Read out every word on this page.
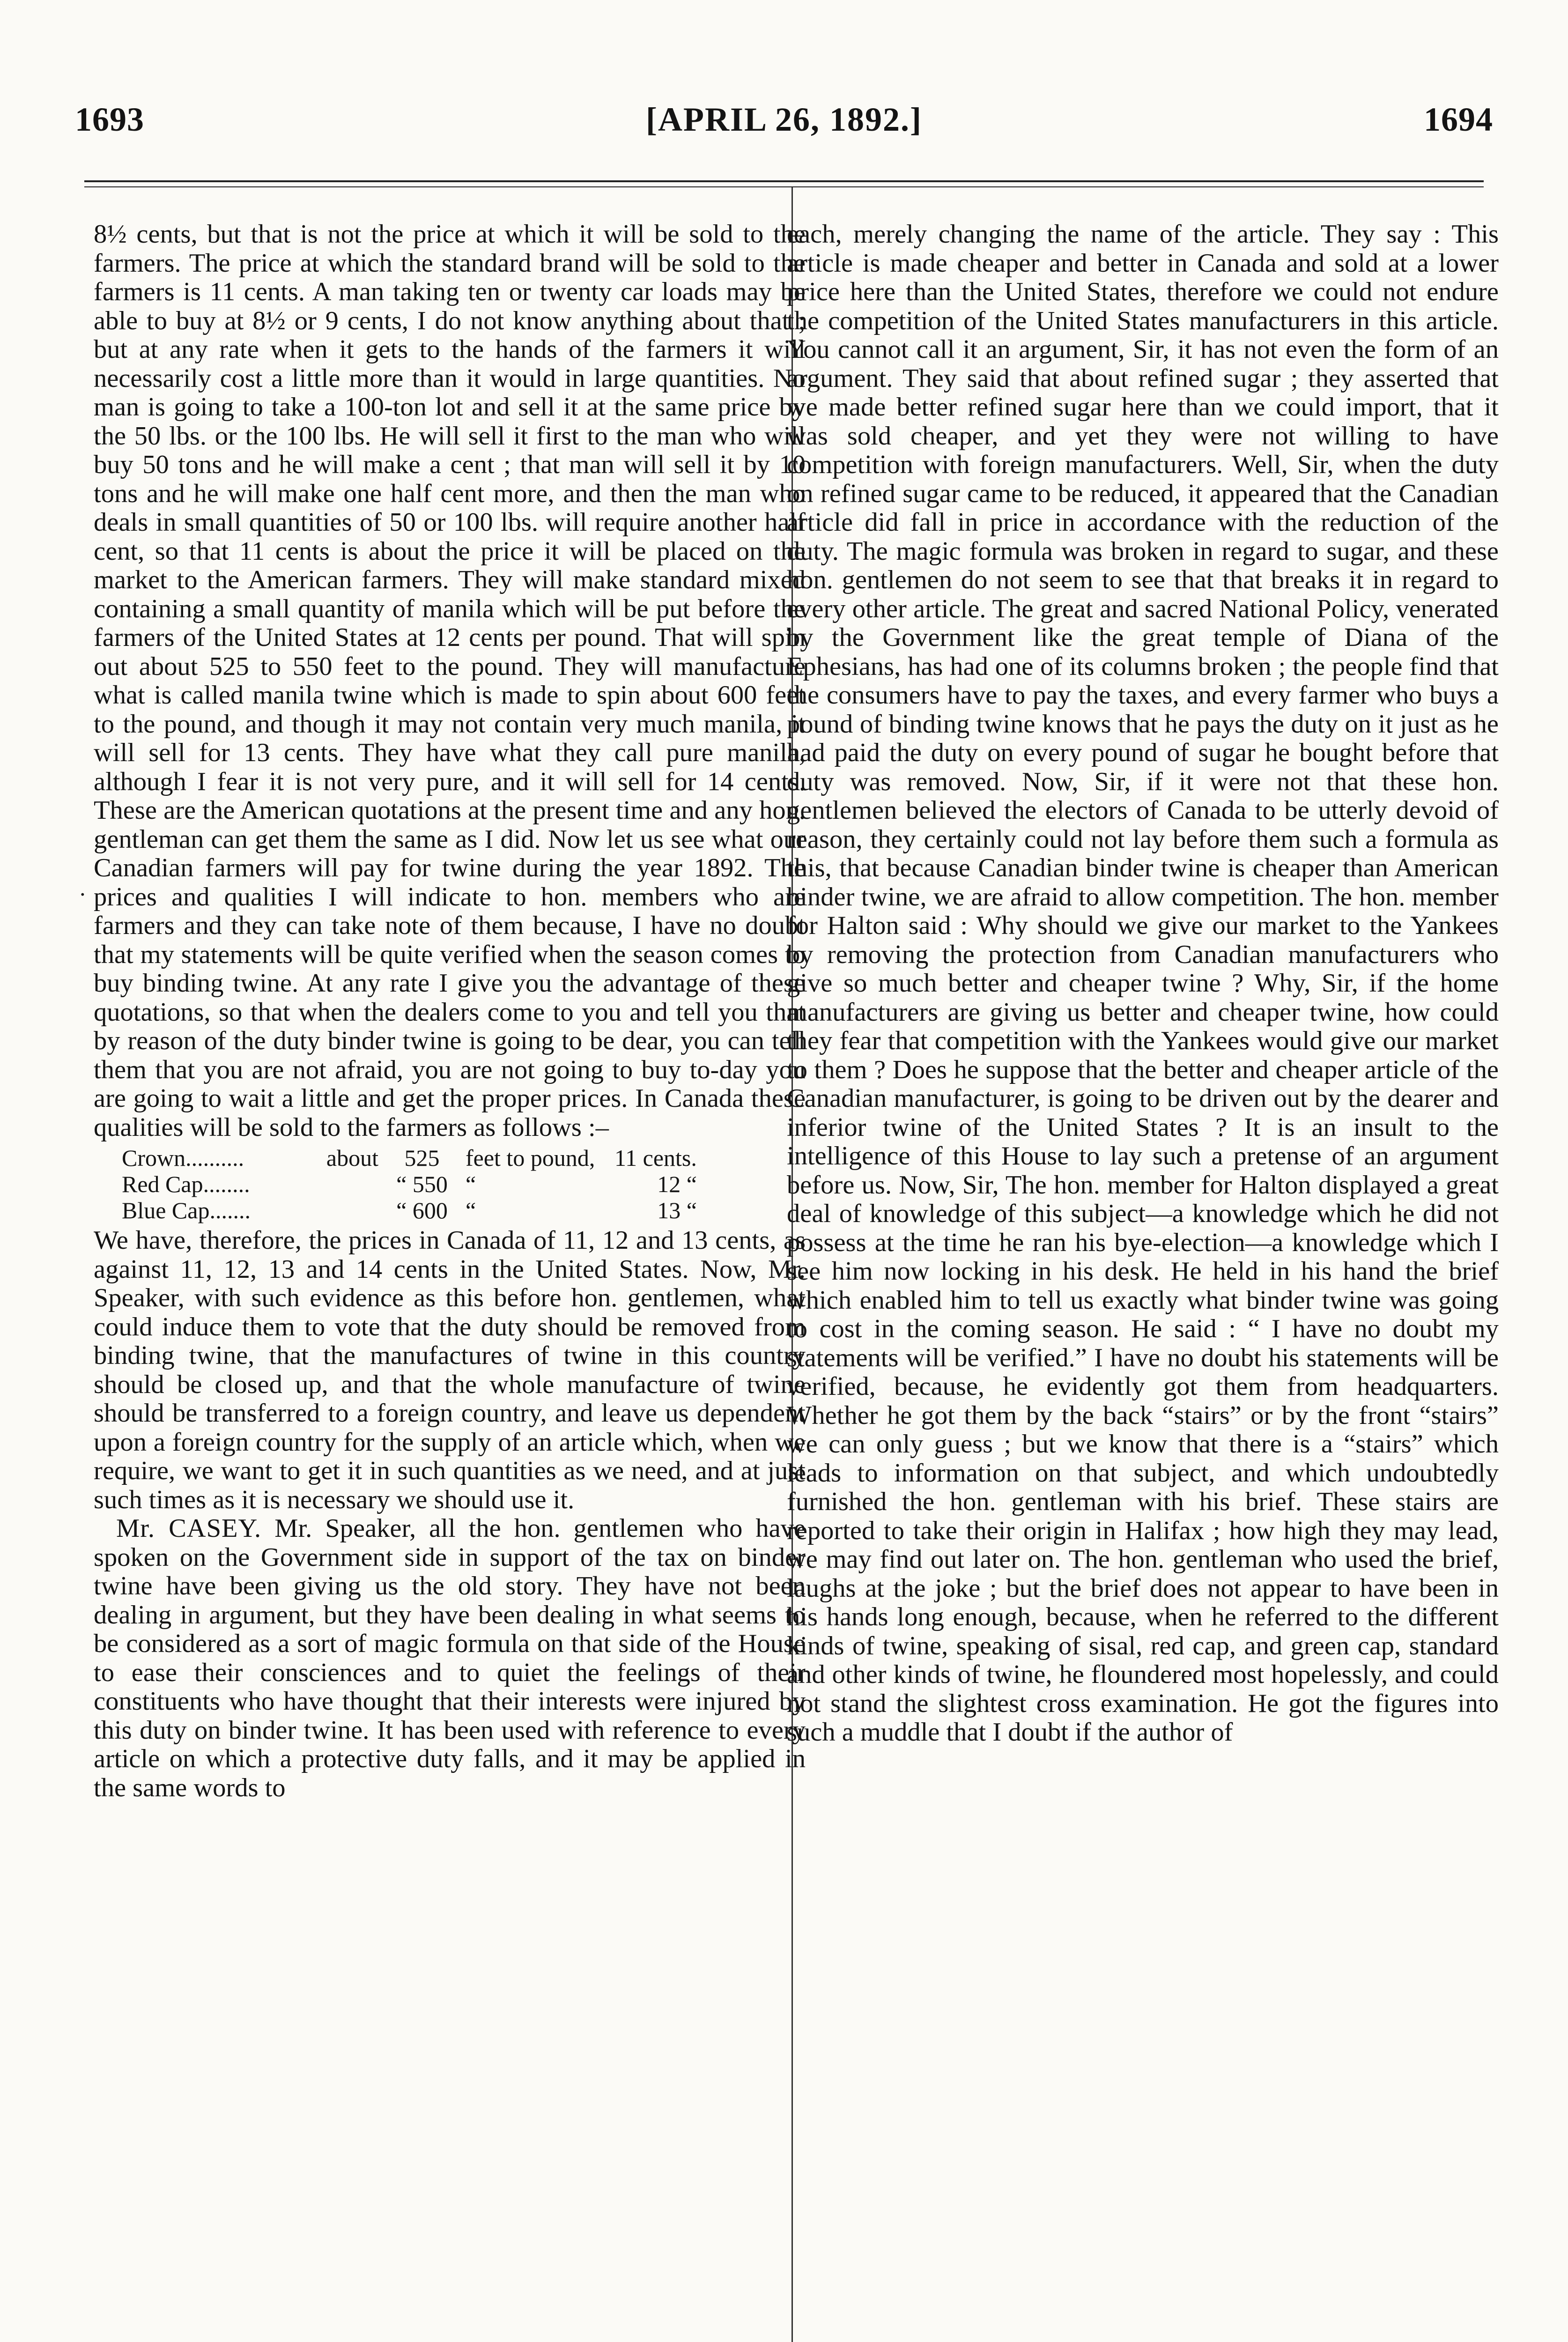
1693	[APRIL 26, 1892.]	1694
·

8½ cents, but that is not the price at which it will be sold to the farmers. The price at which the standard brand will be sold to the farmers is 11 cents. A man taking ten or twenty car loads may be able to buy at 8½ or 9 cents, I do not know anything about that ; but at any rate when it gets to the hands of the farmers it will necessarily cost a little more than it would in large quantities. No man is going to take a 100-ton lot and sell it at the same price by the 50 lbs. or the 100 lbs. He will sell it first to the man who will buy 50 tons and he will make a cent ; that man will sell it by 10 tons and he will make one half cent more, and then the man who deals in small quantities of 50 or 100 lbs. will require another half cent, so that 11 cents is about the price it will be placed on the market to the American farmers. They will make standard mixed containing a small quantity of manila which will be put before the farmers of the United States at 12 cents per pound. That will spin out about 525 to 550 feet to the pound. They will manufacture what is called manila twine which is made to spin about 600 feet to the pound, and though it may not contain very much manila, it will sell for 13 cents. They have what they call pure manila, although I fear it is not very pure, and it will sell for 14 cents. These are the American quotations at the present time and any hon. gentleman can get them the same as I did. Now let us see what our Canadian farmers will pay for twine during the year 1892. The prices and qualities I will indicate to hon. members who are farmers and they can take note of them because, I have no doubt that my statements will be quite verified when the season comes to buy binding twine. At any rate I give you the advantage of these quotations, so that when the dealers come to you and tell you that by reason of the duty binder twine is going to be dear, you can tell them that you are not afraid, you are not going to buy to-day you are going to wait a little and get the proper prices. In Canada these qualities will be sold to the farmers as follows :–

Crown..........	about	525	feet to pound,	11 cents.
Red Cap........		“ 550	“	12 “
Blue Cap.......		“ 600	“	13 “

We have, therefore, the prices in Canada of 11, 12 and 13 cents, as against 11, 12, 13 and 14 cents in the United States. Now, Mr. Speaker, with such evidence as this before hon. gentlemen, what could induce them to vote that the duty should be removed from binding twine, that the manufactures of twine in this country should be closed up, and that the whole manufacture of twine should be transferred to a foreign country, and leave us dependent upon a foreign country for the supply of an article which, when we require, we want to get it in such quantities as we need, and at just such times as it is necessary we should use it.

Mr. CASEY. Mr. Speaker, all the hon. gentlemen who have spoken on the Government side in support of the tax on binder twine have been giving us the old story. They have not been dealing in argument, but they have been dealing in what seems to be considered as a sort of magic formula on that side of the House to ease their consciences and to quiet the feelings of their constituents who have thought that their interests were injured by this duty on binder twine. It has been used with reference to every article on which a protective duty falls, and it may be applied in the same words to

each, merely changing the name of the article. They say : This article is made cheaper and better in Canada and sold at a lower price here than the United States, therefore we could not endure the competition of the United States manufacturers in this article. You cannot call it an argument, Sir, it has not even the form of an argument. They said that about refined sugar ; they asserted that we made better refined sugar here than we could import, that it was sold cheaper, and yet they were not willing to have competition with foreign manufacturers. Well, Sir, when the duty on refined sugar came to be reduced, it appeared that the Canadian article did fall in price in accordance with the reduction of the duty. The magic formula was broken in regard to sugar, and these hon. gentlemen do not seem to see that that breaks it in regard to every other article. The great and sacred National Policy, venerated by the Government like the great temple of Diana of the Ephesians, has had one of its columns broken ; the people find that the consumers have to pay the taxes, and every farmer who buys a pound of binding twine knows that he pays the duty on it just as he had paid the duty on every pound of sugar he bought before that duty was removed. Now, Sir, if it were not that these hon. gentlemen believed the electors of Canada to be utterly devoid of reason, they certainly could not lay before them such a formula as this, that because Canadian binder twine is cheaper than American binder twine, we are afraid to allow competition. The hon. member for Halton said : Why should we give our market to the Yankees by removing the protection from Canadian manufacturers who give so much better and cheaper twine ? Why, Sir, if the home manufacturers are giving us better and cheaper twine, how could they fear that competition with the Yankees would give our market to them ? Does he suppose that the better and cheaper article of the Canadian manufacturer, is going to be driven out by the dearer and inferior twine of the United States ? It is an insult to the intelligence of this House to lay such a pretense of an argument before us. Now, Sir, The hon. member for Halton displayed a great deal of knowledge of this subject—a knowledge which he did not possess at the time he ran his bye-election—a knowledge which I see him now locking in his desk. He held in his hand the brief which enabled him to tell us exactly what binder twine was going to cost in the coming season. He said : “ I have no doubt my statements will be verified.” I have no doubt his statements will be verified, because, he evidently got them from headquarters. Whether he got them by the back “stairs” or by the front “stairs” we can only guess ; but we know that there is a “stairs” which leads to information on that subject, and which undoubtedly furnished the hon. gentleman with his brief. These stairs are reported to take their origin in Halifax ; how high they may lead, we may find out later on. The hon. gentleman who used the brief, laughs at the joke ; but the brief does not appear to have been in his hands long enough, because, when he referred to the different kinds of twine, speaking of sisal, red cap, and green cap, standard and other kinds of twine, he floundered most hopelessly, and could not stand the slightest cross examination. He got the figures into such a muddle that I doubt if the author of
